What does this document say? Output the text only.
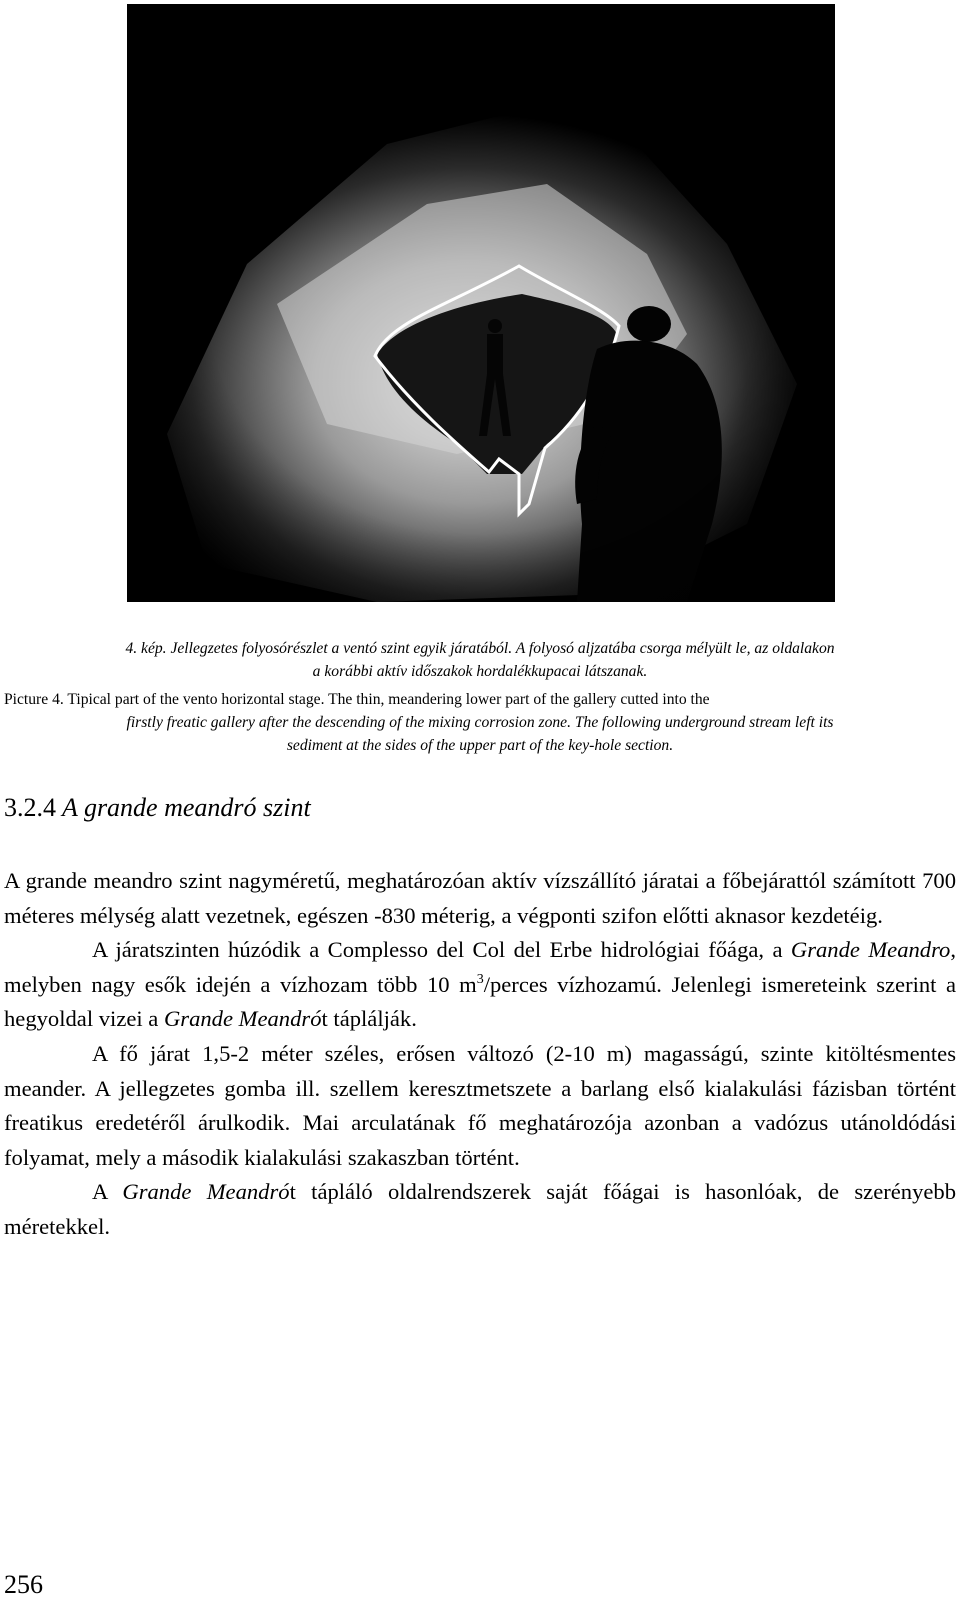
4. kép. Jellegzetes folyosórészlet a ventó szint egyik járatából. A folyosó aljzatába csorga mélyült le, az oldalakon
a korábbi aktív időszakok hordalékkupacai látszanak.
Picture 4. Tipical part of the vento horizontal stage. The thin, meandering lower part of the gallery cutted into the
firstly freatic gallery after the descending of the mixing corrosion zone. The following underground stream left its
sediment at the sides of the upper part of the key-hole section.
3.2.4 A grande meandró szint

A grande meandro szint nagyméretű, meghatározóan aktív vízszállító járatai a főbejárattól számított 700 méteres mélység alatt vezetnek, egészen -830 méterig, a végponti szifon előtti aknasor kezdetéig.

A járatszinten húzódik a Complesso del Col del Erbe hidrológiai főága, a Grande Meandro, melyben nagy esők idején a vízhozam több 10 $m^3$/perces vízhozamú. Jelenlegi ismereteink szerint a hegyoldal vizei a Grande Meandrót táplálják.

A fő járat 1,5-2 méter széles, erősen változó (2-10 m) magasságú, szinte kitöltésmentes meander. A jellegzetes gomba ill. szellem keresztmetszete a barlang első kialakulási fázisban történt freatikus eredetéről árulkodik. Mai arculatának fő meghatározója azonban a vadózus utánoldódási folyamat, mely a második kialakulási szakaszban történt.

A Grande Meandrót tápláló oldalrendszerek saját főágai is hasonlóak, de szerényebb méretekkel.

256
